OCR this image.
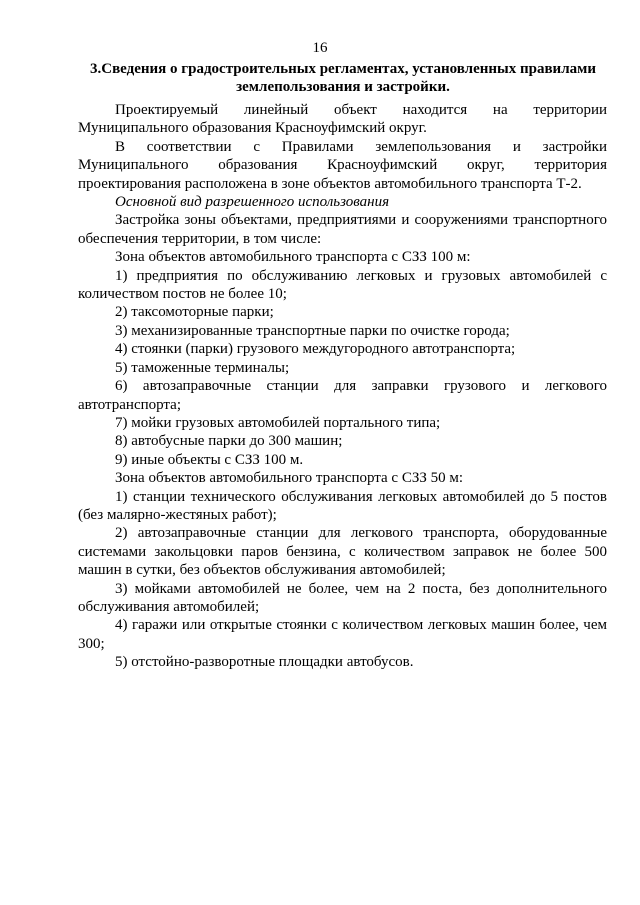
16
3.Сведения о градостроительных регламентах, установленных правилами землепользования и застройки.

Проектируемый линейный объект находится на территории Муниципального образования Красноуфимский округ.

В соответствии с Правилами землепользования и застройки Муниципального образования Красноуфимский округ, территория проектирования расположена в зоне объектов автомобильного транспорта Т-2.

Основной вид разрешенного использования

Застройка зоны объектами, предприятиями и сооружениями транспортного обеспечения территории, в том числе:

Зона объектов автомобильного транспорта с СЗЗ 100 м:

1) предприятия по обслуживанию легковых и грузовых автомобилей с количеством постов не более 10;

2) таксомоторные парки;

3) механизированные транспортные парки по очистке города;

4) стоянки (парки) грузового междугородного автотранспорта;

5) таможенные терминалы;

6) автозаправочные станции для заправки грузового и легкового автотранспорта;

7) мойки грузовых автомобилей портального типа;

8) автобусные парки до 300 машин;

9) иные объекты с СЗЗ 100 м.

Зона объектов автомобильного транспорта с СЗЗ 50 м:

1) станции технического обслуживания легковых автомобилей до 5 постов (без малярно-жестяных работ);

2) автозаправочные станции для легкового транспорта, оборудованные системами закольцовки паров бензина, с количеством заправок не более 500 машин в сутки, без объектов обслуживания автомобилей;

3) мойками автомобилей не более, чем на 2 поста, без дополнительного обслуживания автомобилей;

4) гаражи или открытые стоянки с количеством легковых машин более, чем 300;

5) отстойно-разворотные площадки автобусов.
